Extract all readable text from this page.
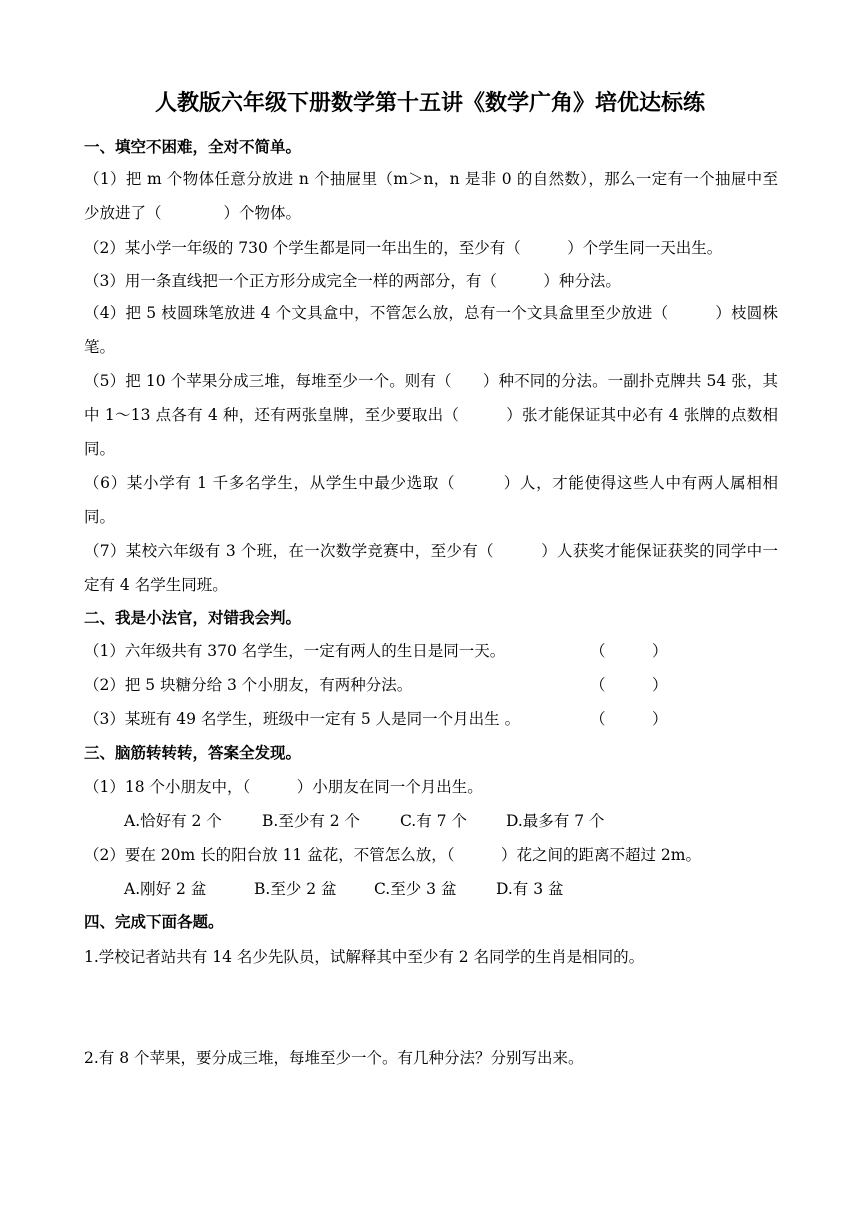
人教版六年级下册数学第十五讲《数学广角》培优达标练
一、填空不困难，全对不简单。
（1）把 m 个物体任意分放进 n 个抽屉里（m＞n，n 是非 0 的自然数），那么一定有一个抽屉中至少放进了（　　　　）个物体。
（2）某小学一年级的 730 个学生都是同一年出生的，至少有（　　　）个学生同一天出生。
（3）用一条直线把一个正方形分成完全一样的两部分，有（　　　）种分法。
（4）把 5 枝圆珠笔放进 4 个文具盒中，不管怎么放，总有一个文具盒里至少放进（　　　）枝圆株笔。
（5）把 10 个苹果分成三堆，每堆至少一个。则有（　　）种不同的分法。一副扑克牌共 54 张，其中 1～13 点各有 4 种，还有两张皇牌，至少要取出（　　　）张才能保证其中必有 4 张牌的点数相同。
（6）某小学有 1 千多名学生，从学生中最少选取（　　　）人，才能使得这些人中有两人属相相同。
（7）某校六年级有 3 个班，在一次数学竞赛中，至少有（　　　）人获奖才能保证获奖的同学中一定有 4 名学生同班。
二、我是小法官，对错我会判。
（1）六年级共有 370 名学生，一定有两人的生日是同一天。	（　　　）
（2）把 5 块糖分给 3 个小朋友，有两种分法。	（　　　）
（3）某班有 49 名学生，班级中一定有 5 人是同一个月出生 。	（　　　）
三、脑筋转转转，答案全发现。
（1）18 个小朋友中，（　　　）小朋友在同一个月出生。
A.恰好有 2 个	B.至少有 2 个	C.有 7 个	D.最多有 7 个
（2）要在 20m 长的阳台放 11 盆花，不管怎么放，（　　　）花之间的距离不超过 2m。
A.刚好 2 盆	B.至少 2 盆 C.至少 3 盆	D.有 3 盆
四、完成下面各题。
1.学校记者站共有 14 名少先队员，试解释其中至少有 2 名同学的生肖是相同的。
2.有 8 个苹果，要分成三堆，每堆至少一个。有几种分法？分别写出来。
